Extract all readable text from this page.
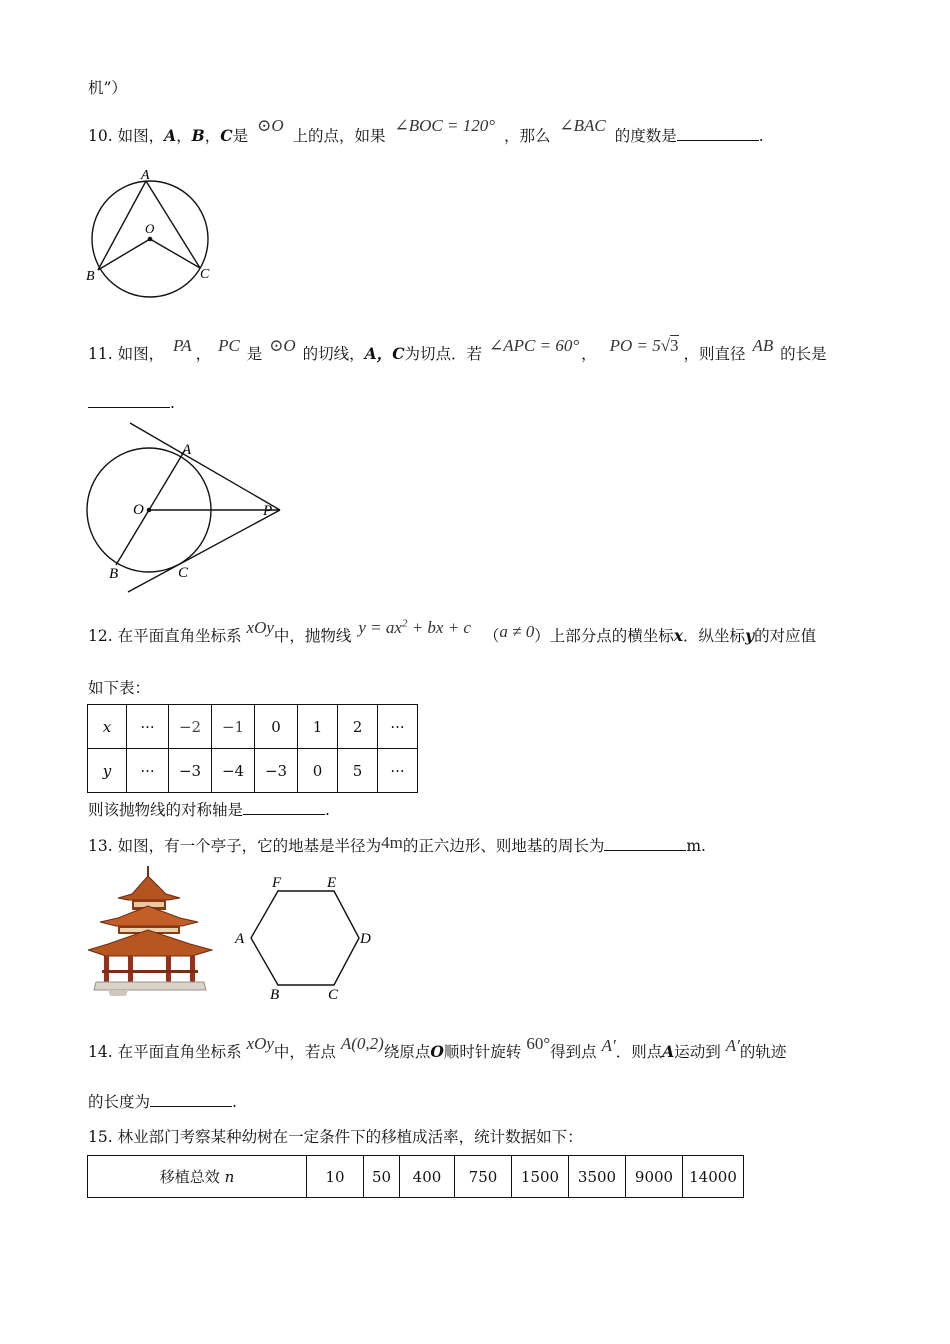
机”）
10. 如图，A，B，C是 ⊙O 上的点，如果 ∠BOC = 120° ，那么 ∠BAC 的度数是	.
A
O
B	C
11. 如图， PA ， PC 是 ⊙O 的切线，A，C为切点．若 ∠APC = 60° ， PO = 5√3 ，则直径 AB 的长是
.
A
O	P
B	C
12. 在平面直角坐标系 xOy中，抛物线 $y = ax^2$ + bx + c （a ≠ 0）上部分点的横坐标x．纵坐标y的对应值
如下表：
x	···	−2	−1	0	1	2	···
y	···	−3	−4	−3	0	5	···
则该抛物线的对称轴是	.
13. 如图，有一个亭子，它的地基是半径为4m的正六边形、则地基的周长为	m.
F	E
A	D
B	C
14. 在平面直角坐标系 xOy中，若点 A(0,2)绕原点O顺时针旋转 60°得到点 A′．则点A运动到 A′的轨迹
的长度为	.
15. 林业部门考察某种幼树在一定条件下的移植成活率，统计数据如下：
移植总效 n	10	50	400	750	1500	3500	9000	14000
